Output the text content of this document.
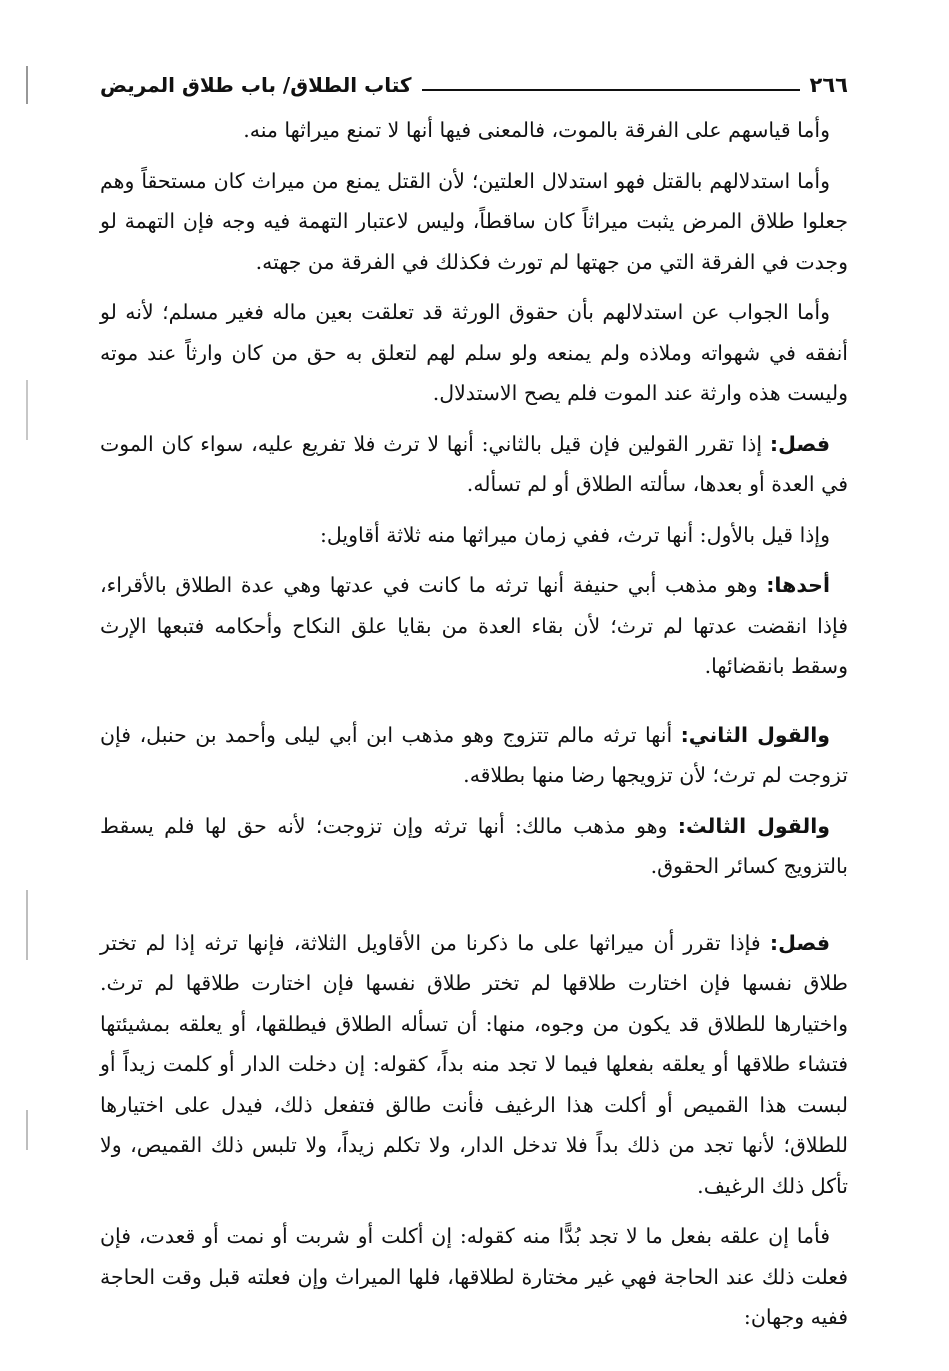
٢٦٦
كتاب الطلاق/ باب طلاق المريض

وأما قياسهم على الفرقة بالموت، فالمعنى فيها أنها لا تمنع ميراثها منه.

وأما استدلالهم بالقتل فهو استدلال العلتين؛ لأن القتل يمنع من ميراث كان مستحقاً وهم جعلوا طلاق المرض يثبت ميراثاً كان ساقطاً، وليس لاعتبار التهمة فيه وجه فإن التهمة لو وجدت في الفرقة التي من جهتها لم تورث فكذلك في الفرقة من جهته.

وأما الجواب عن استدلالهم بأن حقوق الورثة قد تعلقت بعين ماله فغير مسلم؛ لأنه لو أنفقه في شهواته وملاذه ولم يمنعه ولو سلم لهم لتعلق به حق من كان وارثاً عند موته وليست هذه وارثة عند الموت فلم يصح الاستدلال.

فصل: إذا تقرر القولين فإن قيل بالثاني: أنها لا ترث فلا تفريع عليه، سواء كان الموت في العدة أو بعدها، سألته الطلاق أو لم تسأله.

وإذا قيل بالأول: أنها ترث، ففي زمان ميراثها منه ثلاثة أقاويل:

أحدها: وهو مذهب أبي حنيفة أنها ترثه ما كانت في عدتها وهي عدة الطلاق بالأقراء، فإذا انقضت عدتها لم ترث؛ لأن بقاء العدة من بقايا علق النكاح وأحكامه فتبعها الإرث وسقط بانقضائها.

والقول الثاني: أنها ترثه مالم تتزوج وهو مذهب ابن أبي ليلى وأحمد بن حنبل، فإن تزوجت لم ترث؛ لأن تزويجها رضا منها بطلاقه.

والقول الثالث: وهو مذهب مالك: أنها ترثه وإن تزوجت؛ لأنه حق لها فلم يسقط بالتزويج كسائر الحقوق.

فصل: فإذا تقرر أن ميراثها على ما ذكرنا من الأقاويل الثلاثة، فإنها ترثه إذا لم تختر طلاق نفسها فإن اختارت طلاقها لم تختر طلاق نفسها فإن اختارت طلاقها لم ترث. واختيارها للطلاق قد يكون من وجوه، منها: أن تسأله الطلاق فيطلقها، أو يعلقه بمشيئتها فتشاء طلاقها أو يعلقه بفعلها فيما لا تجد منه بداً، كقوله: إن دخلت الدار أو كلمت زيداً أو لبست هذا القميص أو أكلت هذا الرغيف فأنت طالق فتفعل ذلك، فيدل على اختيارها للطلاق؛ لأنها تجد من ذلك بداً فلا تدخل الدار، ولا تكلم زيداً، ولا تلبس ذلك القميص، ولا تأكل ذلك الرغيف.

فأما إن علقه بفعل ما لا تجد بُدًّا منه كقوله: إن أكلت أو شربت أو نمت أو قعدت، فإن فعلت ذلك عند الحاجة فهي غير مختارة لطلاقها، فلها الميراث وإن فعلته قبل وقت الحاجة ففيه وجهان:
